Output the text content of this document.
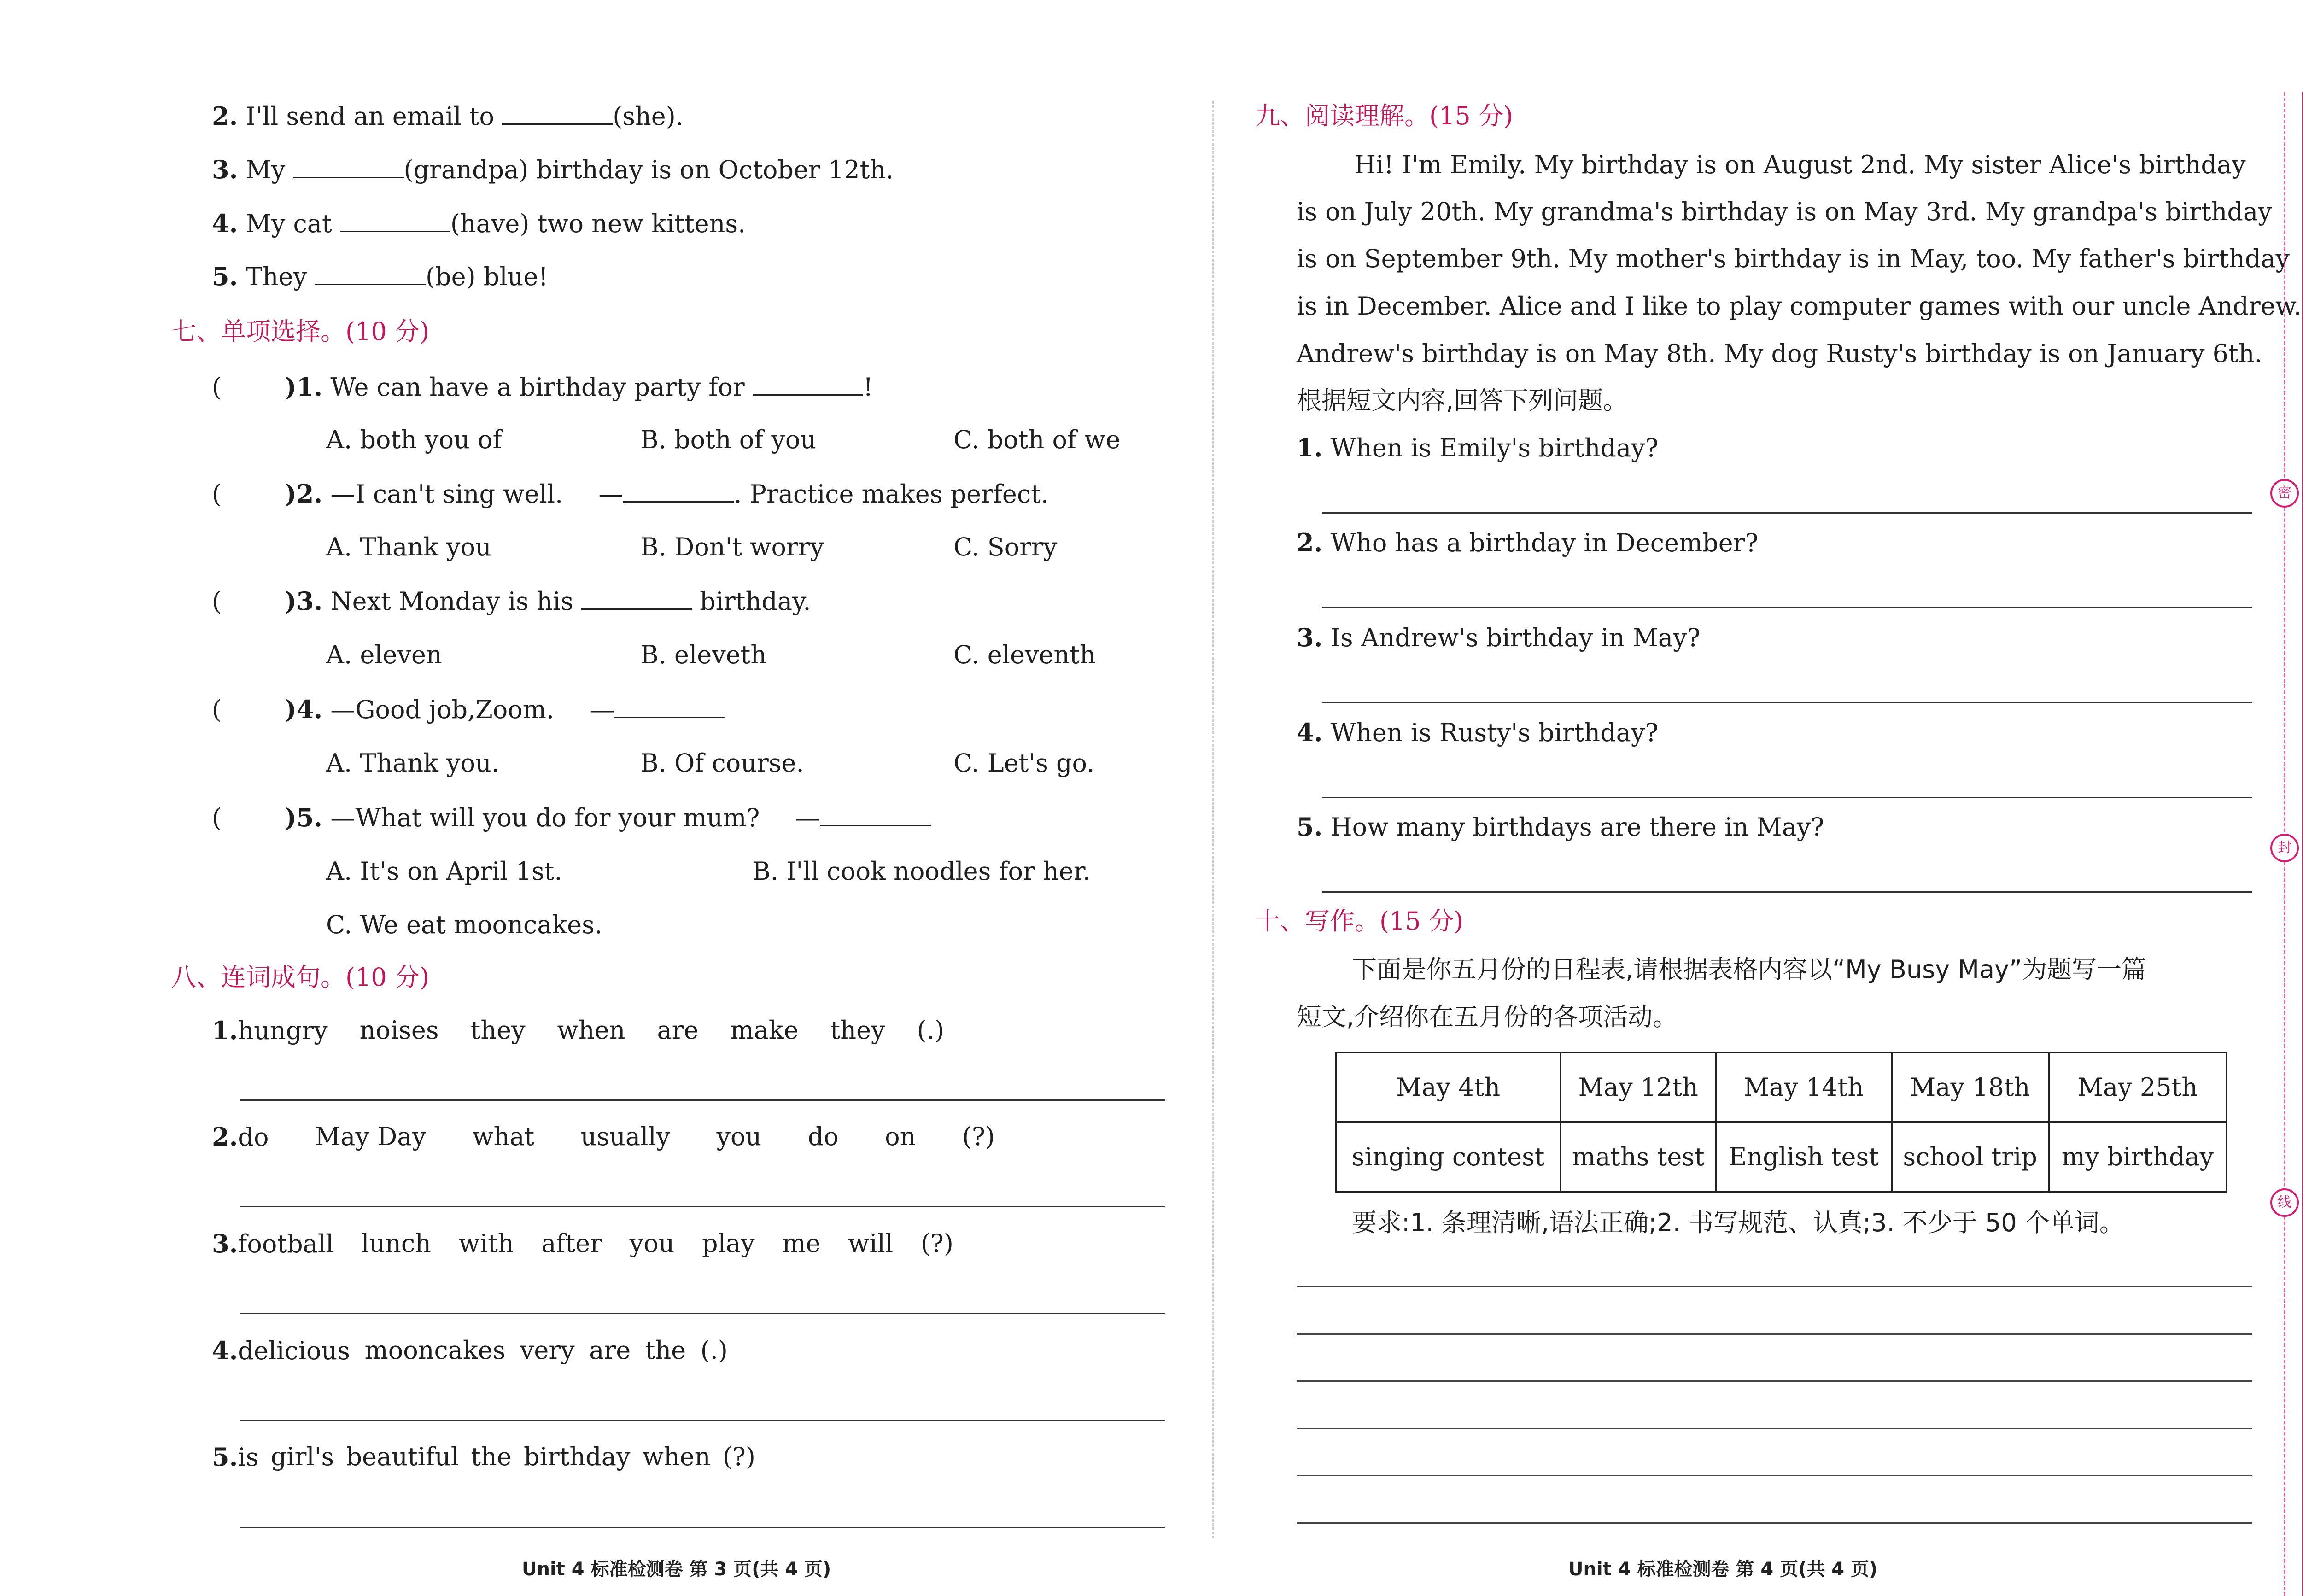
2. I'll send an email to	(she).
3. My	(grandpa) birthday is on October 12th.
4. My cat	(have) two new kittens.
5. They	(be) blue!
七、单项选择。(10 分)
(	)1. We can have a birthday party for	!
A. both you of	B. both of you	C. both of we
(	)2. —I can't sing well. —	. Practice makes perfect.
A. Thank you	B. Don't worry	C. Sorry
(	)3. Next Monday is his	birthday.
A. eleven	B. eleveth	C. eleventh
(	)4. —Good job,Zoom. —
A. Thank you.	B. Of course.	C. Let's go.
(	)5. —What will you do for your mum? —
A. It's on April 1st.	B. I'll cook noodles for her.
C. We eat mooncakes.
八、连词成句。(10 分)
1.hungry noises they when are make they (.)
2.do May Day what usually you do on (?)
3.football lunch with after you play me will (?)
4.delicious mooncakes very are the (.)
5.is girl's beautiful the birthday when (?)
Unit 4 标准检测卷 第 3 页(共 4 页)
九、阅读理解。(15 分)
Hi! I'm Emily. My birthday is on August 2nd. My sister Alice's birthday
is on July 20th. My grandma's birthday is on May 3rd. My grandpa's birthday
is on September 9th. My mother's birthday is in May, too. My father's birthday
is in December. Alice and I like to play computer games with our uncle Andrew.
Andrew's birthday is on May 8th. My dog Rusty's birthday is on January 6th.
根据短文内容,回答下列问题。
1. When is Emily's birthday?
2. Who has a birthday in December?
3. Is Andrew's birthday in May?
4. When is Rusty's birthday?
5. How many birthdays are there in May?
十、写作。(15 分)
下面是你五月份的日程表,请根据表格内容以“My Busy May”为题写一篇
短文,介绍你在五月份的各项活动。
May 4th	May 12th	May 14th	May 18th	May 25th
singing contest	maths test	English test	school trip	my birthday
要求:1. 条理清晰,语法正确;2. 书写规范、认真;3. 不少于 50 个单词。
Unit 4 标准检测卷 第 4 页(共 4 页)
密
封
线
